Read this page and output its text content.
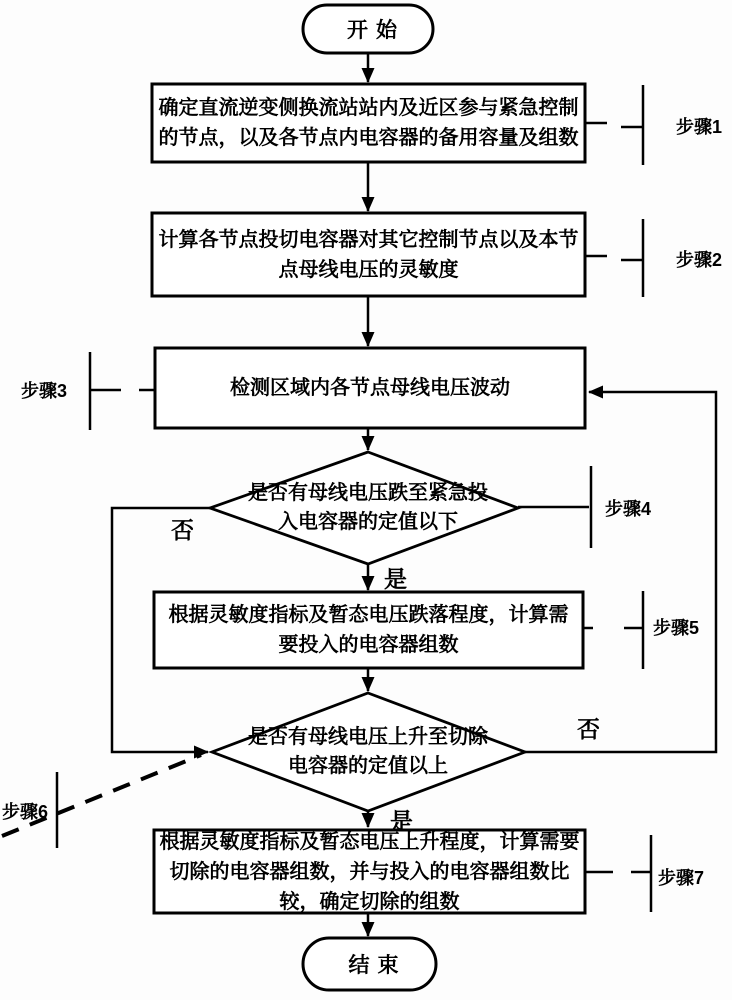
开始
结束
确定直流逆变侧换流站站内及近区参与紧急控制的节点，以及各节点内电容器的备用容量及组数
计算各节点投切电容器对其它控制节点以及本节点母线电压的灵敏度
检测区域内各节点母线电压波动
根据灵敏度指标及暂态电压跌落程度，计算需要投入的电容器组数
根据灵敏度指标及暂态电压上升程度，计算需要切除的电容器组数，并与投入的电容器组数比较，确定切除的组数
是否有母线电压跌至紧急投入电容器的定值以下
是否有母线电压上升至切除电容器的定值以上
否
是
否
是
步骤1
步骤2
步骤3
步骤4
步骤5
步骤6
步骤7
